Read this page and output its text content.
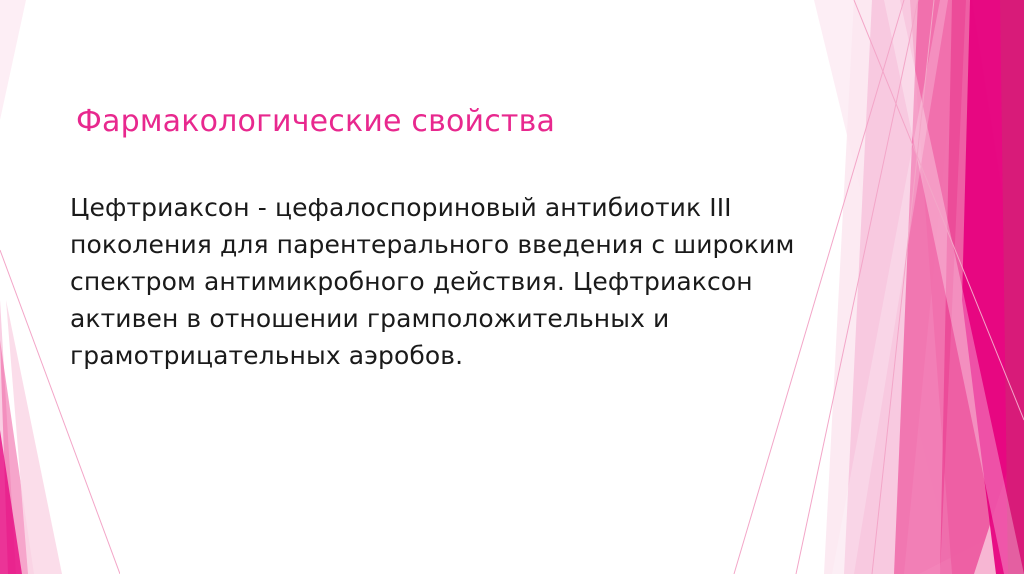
Фармакологические свойства

Цефтриаксон - цефалоспориновый антибиотик III поколения для парентерального введения с широким спектром антимикробного действия. Цефтриаксон активен в отношении грамположительных и грамотрицательных аэробов.
